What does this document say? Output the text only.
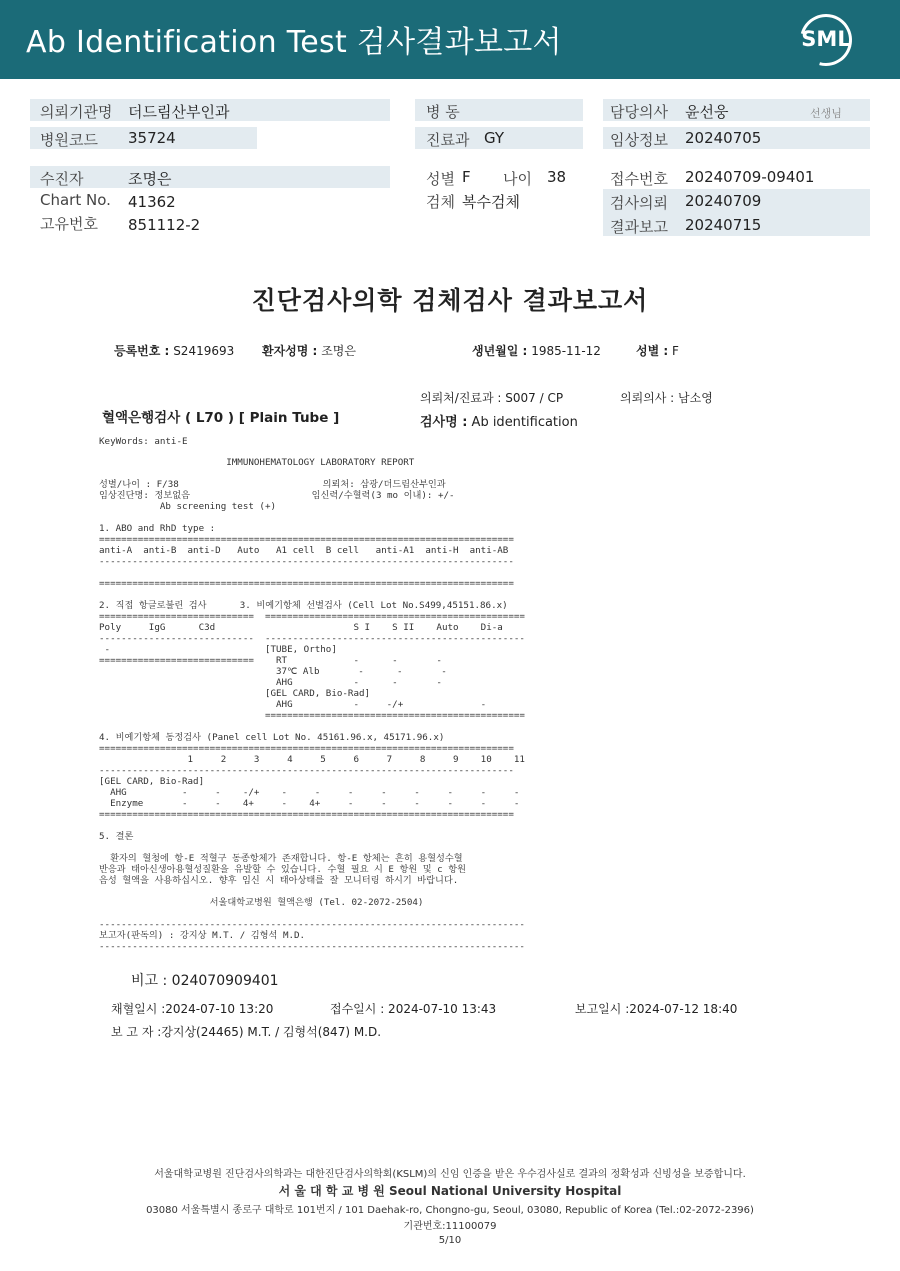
Ab Identification Test 검사결과보고서	SML
의뢰기관명 더드림산부인과
병원코드 35724
병 동
진료과 GY
담당의사 윤선웅	선생님
임상정보 20240705
수진자	조명은
Chart No. 41362
고유번호 851112-2
성별 F 나이 38
검체 복수검체
접수번호 20240709-09401
검사의뢰 20240709
결과보고 20240715
진단검사의학 검체검사 결과보고서
등록번호 : S2419693 환자성명 : 조명은	생년월일 : 1985-11-12	성별 : F
의뢰처/진료과 : S007 / CP	의뢰의사 : 남소영
혈액은행검사 ( L70 ) [ Plain Tube ]	검사명 : Ab identification
KeyWords: anti-E
IMMUNOHEMATOLOGY LABORATORY REPORT
성별/나이 : F/38                          의뢰처: 삼광/더드림산부인과
임상진단명: 정보없음                      임신력/수혈력(3 mo 이내): +/-
Ab screening test (+)
1. ABO and RhD type :
===========================================================================
anti-A  anti-B  anti-D   Auto   A1 cell  B cell   anti-A1  anti-H  anti-AB
---------------------------------------------------------------------------
===========================================================================
2. 직접 항글로불린 검사      3. 비예기항체 선별검사 (Cell Lot No.S499,45151.86.x)
============================  ===============================================
Poly     IgG      C3d                         S I    S II    Auto    Di-a
----------------------------  -----------------------------------------------
-                            [TUBE, Ortho]
============================    RT            -      -       -
37℃ Alb       -      -       -
AHG           -      -       -
[GEL CARD, Bio-Rad]
AHG           -     -/+              -
===============================================
4. 비예기항체 동정검사 (Panel cell Lot No. 45161.96.x, 45171.96.x)
===========================================================================
1     2     3     4     5     6     7     8     9    10    11
---------------------------------------------------------------------------
[GEL CARD, Bio-Rad]
AHG          -     -    -/+    -     -     -     -     -     -     -     -
Enzyme       -     -    4+     -    4+     -     -     -     -     -     -
===========================================================================
5. 결론
환자의 혈청에 항-E 적혈구 동종항체가 존재합니다. 항-E 항체는 흔히 용혈성수혈
반응과 태아신생아용혈성질환을 유발할 수 있습니다. 수혈 필요 시 E 항원 및 c 항원
음성 혈액을 사용하십시오. 향후 임신 시 태아상태를 잘 모니터링 하시기 바랍니다.
서울대학교병원 혈액은행 (Tel. 02-2072-2504)
-----------------------------------------------------------------------------
보고자(판독의) : 강지상 M.T. / 김형석 M.D.
-----------------------------------------------------------------------------
비고 : 024070909401
채혈일시 :2024-07-10 13:20	접수일시 : 2024-07-10 13:43	보고일시 :2024-07-12 18:40
보 고 자 :강지상(24465) M.T. / 김형석(847) M.D.
서울대학교병원 진단검사의학과는 대한진단검사의학회(KSLM)의 신임 인증을 받은 우수검사실로 결과의 정확성과 신빙성을 보증합니다.
서 울 대 학 교 병 원 Seoul National University Hospital
03080 서울특별시 종로구 대학로 101번지 / 101 Daehak-ro, Chongno-gu, Seoul, 03080, Republic of Korea (Tel.:02-2072-2396)
기관번호:11100079
5/10
